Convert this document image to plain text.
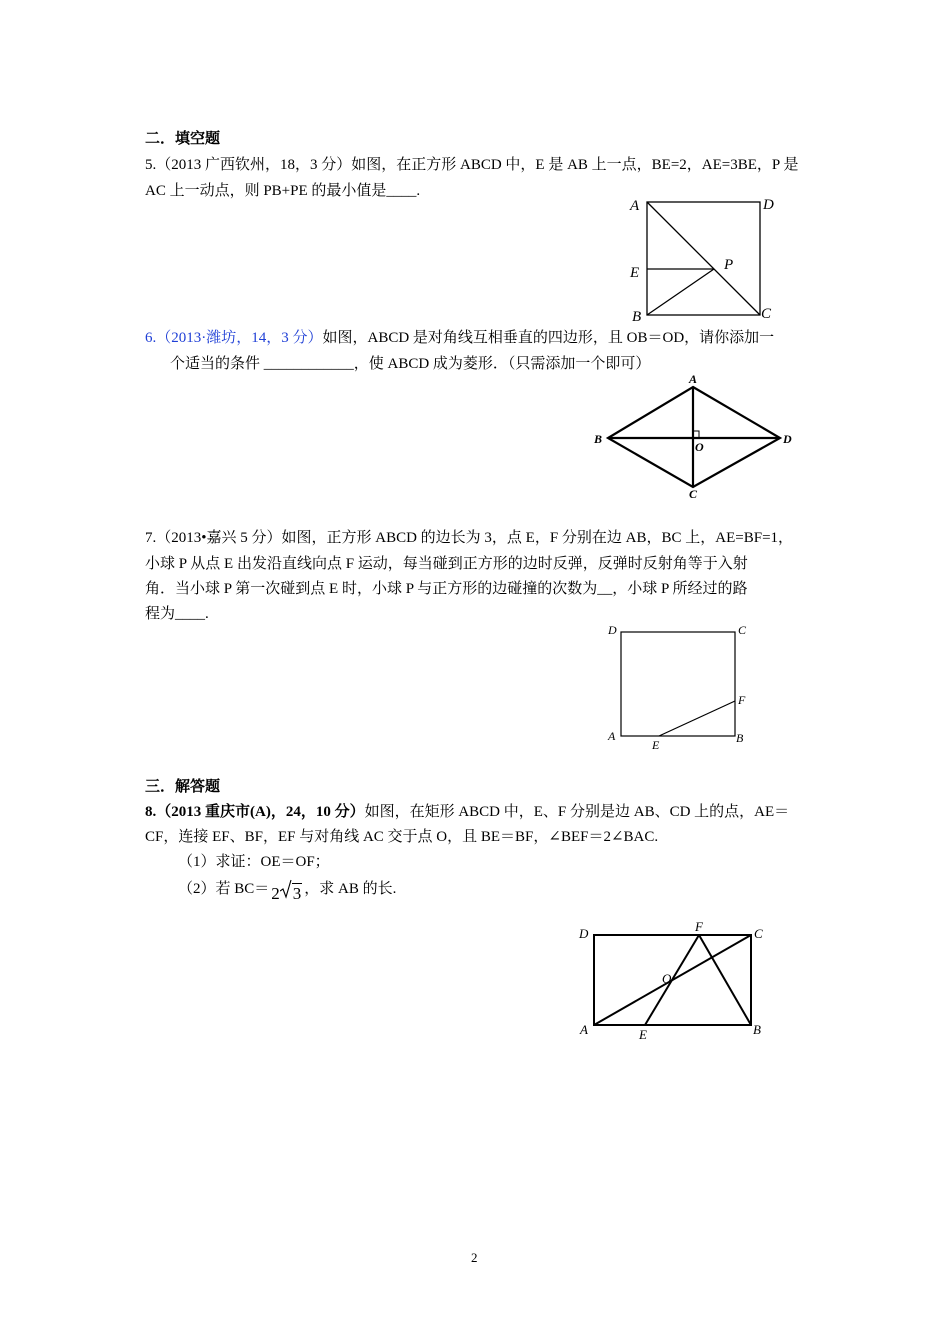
二．填空题
5.（2013 广西钦州，18，3 分）如图，在正方形 ABCD 中，E 是 AB 上一点，BE=2，AE=3BE，P 是
AC 上一动点，则 PB+PE 的最小值是____.
A	D
E	P
B	C
6.（2013·潍坊，14，3 分）如图，ABCD 是对角线互相垂直的四边形，且 OB＝OD，请你添加一
个适当的条件 ____________，使 ABCD 成为菱形．（只需添加一个即可）
A
B	D
O
C
7.（2013•嘉兴 5 分）如图，正方形 ABCD 的边长为 3，点 E，F 分别在边 AB，BC 上，AE=BF=1，
小球 P 从点 E 出发沿直线向点 F 运动，每当碰到正方形的边时反弹，反弹时反射角等于入射
角．当小球 P 第一次碰到点 E 时，小球 P 与正方形的边碰撞的次数为__，小球 P 所经过的路
程为____.
D	C
F
A	B
E
三．解答题
8.（2013 重庆市(A)，24，10 分）如图，在矩形 ABCD 中，E、F 分别是边 AB、CD 上的点，AE＝
CF，连接 EF、BF，EF 与对角线 AC 交于点 O，且 BE＝BF，∠BEF＝2∠BAC.
（1）求证：OE＝OF；
（2）若 BC＝ 2 3 ，求 AB 的长.
D	F	C
O
A	E	B
2
